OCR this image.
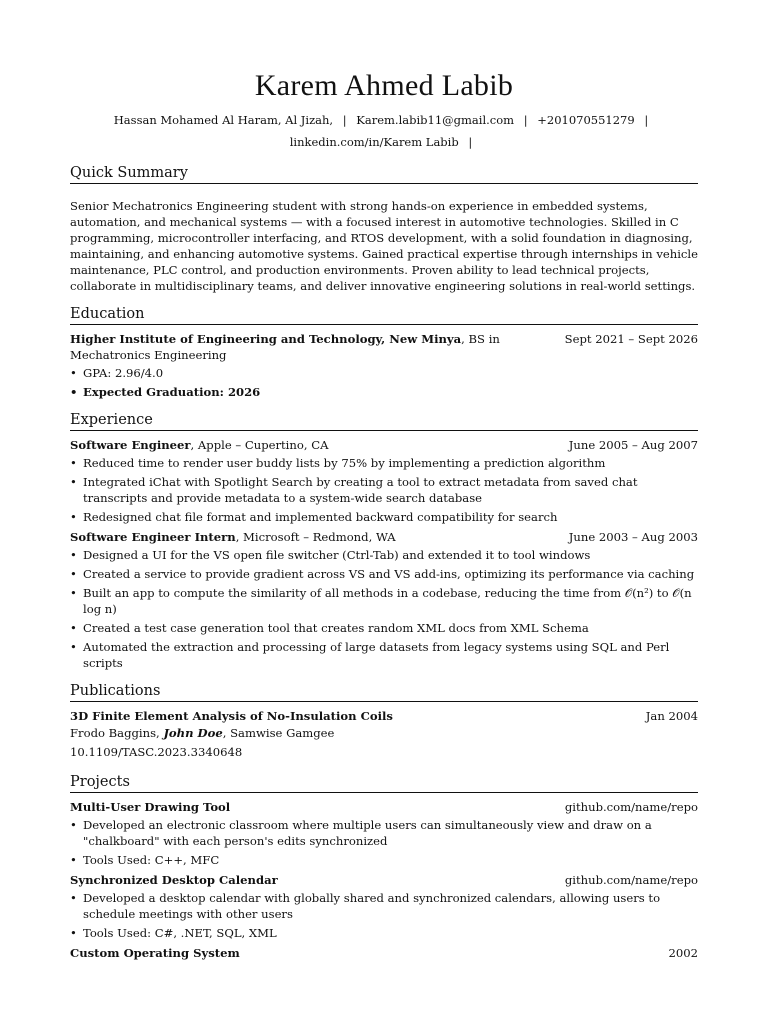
Karem Ahmed Labib
Hassan Mohamed Al Haram, Al Jizah, | Karem.labib11@gmail.com | +201070551279 |
linkedin.com/in/Karem Labib |
Quick Summary
Senior Mechatronics Engineering student with strong hands-on experience in embedded systems, automation, and mechanical systems — with a focused interest in automotive technologies. Skilled in C programming, microcontroller interfacing, and RTOS development, with a solid foundation in diagnosing, maintaining, and enhancing automotive systems. Gained practical expertise through internships in vehicle maintenance, PLC control, and production environments. Proven ability to lead technical projects, collaborate in multidisciplinary teams, and deliver innovative engineering solutions in real-world settings.
Education
Higher Institute of Engineering and Technology, New Minya, BS in Mechatronics Engineering
Sept 2021 – Sept 2026
• GPA: 2.96/4.0
• Expected Graduation: 2026
Experience
Software Engineer, Apple – Cupertino, CA	June 2005 – Aug 2007
• Reduced time to render user buddy lists by 75% by implementing a prediction algorithm
• Integrated iChat with Spotlight Search by creating a tool to extract metadata from saved chat transcripts and provide metadata to a system-wide search database
• Redesigned chat file format and implemented backward compatibility for search
Software Engineer Intern, Microsoft – Redmond, WA	June 2003 – Aug 2003
• Designed a UI for the VS open file switcher (Ctrl-Tab) and extended it to tool windows
• Created a service to provide gradient across VS and VS add-ins, optimizing its performance via caching
• Built an app to compute the similarity of all methods in a codebase, reducing the time from 𝒪(n²) to 𝒪(n log n)
• Created a test case generation tool that creates random XML docs from XML Schema
• Automated the extraction and processing of large datasets from legacy systems using SQL and Perl scripts
Publications
3D Finite Element Analysis of No-Insulation Coils	Jan 2004
Frodo Baggins, John Doe, Samwise Gamgee
10.1109/TASC.2023.3340648
Projects
Multi-User Drawing Tool	github.com/name/repo
• Developed an electronic classroom where multiple users can simultaneously view and draw on a "chalkboard" with each person's edits synchronized
• Tools Used: C++, MFC
Synchronized Desktop Calendar	github.com/name/repo
• Developed a desktop calendar with globally shared and synchronized calendars, allowing users to schedule meetings with other users
• Tools Used: C#, .NET, SQL, XML
Custom Operating System	2002
